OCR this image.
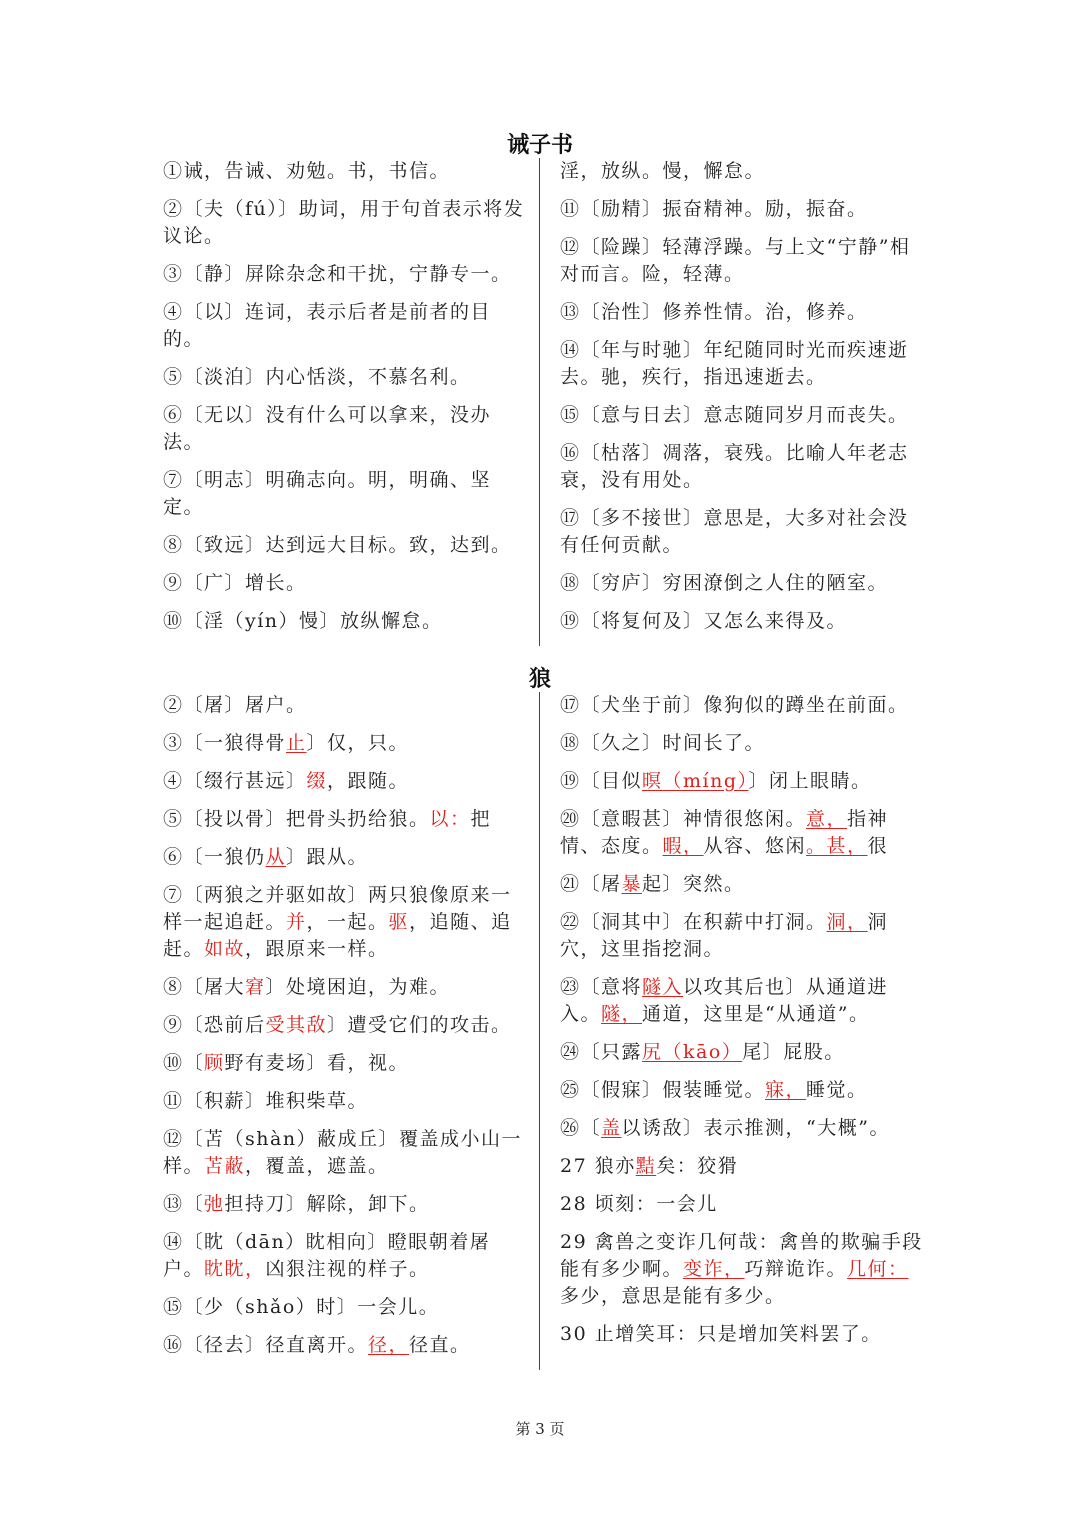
诫子书
①诫，告诫、劝勉。书，书信。
②〔夫（fú）〕助词，用于句首表示将发议论。
③〔静〕屏除杂念和干扰，宁静专一。
④〔以〕连词，表示后者是前者的目的。
⑤〔淡泊〕内心恬淡，不慕名利。
⑥〔无以〕没有什么可以拿来，没办法。
⑦〔明志〕明确志向。明，明确、坚定。
⑧〔致远〕达到远大目标。致，达到。
⑨〔广〕增长。
⑩〔淫（yín）慢〕放纵懈怠。
淫，放纵。慢，懈怠。
⑪〔励精〕振奋精神。励，振奋。
⑫〔险躁〕轻薄浮躁。与上文“宁静”相对而言。险，轻薄。
⑬〔治性〕修养性情。治，修养。
⑭〔年与时驰〕年纪随同时光而疾速逝去。驰，疾行，指迅速逝去。
⑮〔意与日去〕意志随同岁月而丧失。
⑯〔枯落〕凋落，衰残。比喻人年老志衰，没有用处。
⑰〔多不接世〕意思是，大多对社会没有任何贡献。
⑱〔穷庐〕穷困潦倒之人住的陋室。
⑲〔将复何及〕又怎么来得及。
狼
②〔屠〕屠户。
③〔一狼得骨止〕仅，只。
④〔缀行甚远〕缀，跟随。
⑤〔投以骨〕把骨头扔给狼。以：把
⑥〔一狼仍从〕跟从。
⑦〔两狼之并驱如故〕两只狼像原来一样一起追赶。并，一起。驱，追随、追赶。如故，跟原来一样。
⑧〔屠大窘〕处境困迫，为难。
⑨〔恐前后受其敌〕遭受它们的攻击。
⑩〔顾野有麦场〕看，视。
⑪〔积薪〕堆积柴草。
⑫〔苫（shàn）蔽成丘〕覆盖成小山一样。苫蔽，覆盖，遮盖。
⑬〔弛担持刀〕解除，卸下。
⑭〔眈（dān）眈相向〕瞪眼朝着屠户。眈眈，凶狠注视的样子。
⑮〔少（shǎo）时〕一会儿。
⑯〔径去〕径直离开。径，径直。
⑰〔犬坐于前〕像狗似的蹲坐在前面。
⑱〔久之〕时间长了。
⑲〔目似暝（míng）〕闭上眼睛。
⑳〔意暇甚〕神情很悠闲。意，指神情、态度。暇，从容、悠闲。甚，很
㉑〔屠暴起〕突然。
㉒〔洞其中〕在积薪中打洞。洞，洞穴，这里指挖洞。
㉓〔意将隧入以攻其后也〕从通道进入。隧，通道，这里是“从通道”。
㉔〔只露尻（kāo）尾〕屁股。
㉕〔假寐〕假装睡觉。寐，睡觉。
㉖〔盖以诱敌〕表示推测，“大概”。
27 狼亦黠矣：狡猾
28 顷刻：一会儿
29 禽兽之变诈几何哉：禽兽的欺骗手段能有多少啊。变诈，巧辩诡诈。几何：多少，意思是能有多少。
30 止增笑耳：只是增加笑料罢了。
第 3 页
